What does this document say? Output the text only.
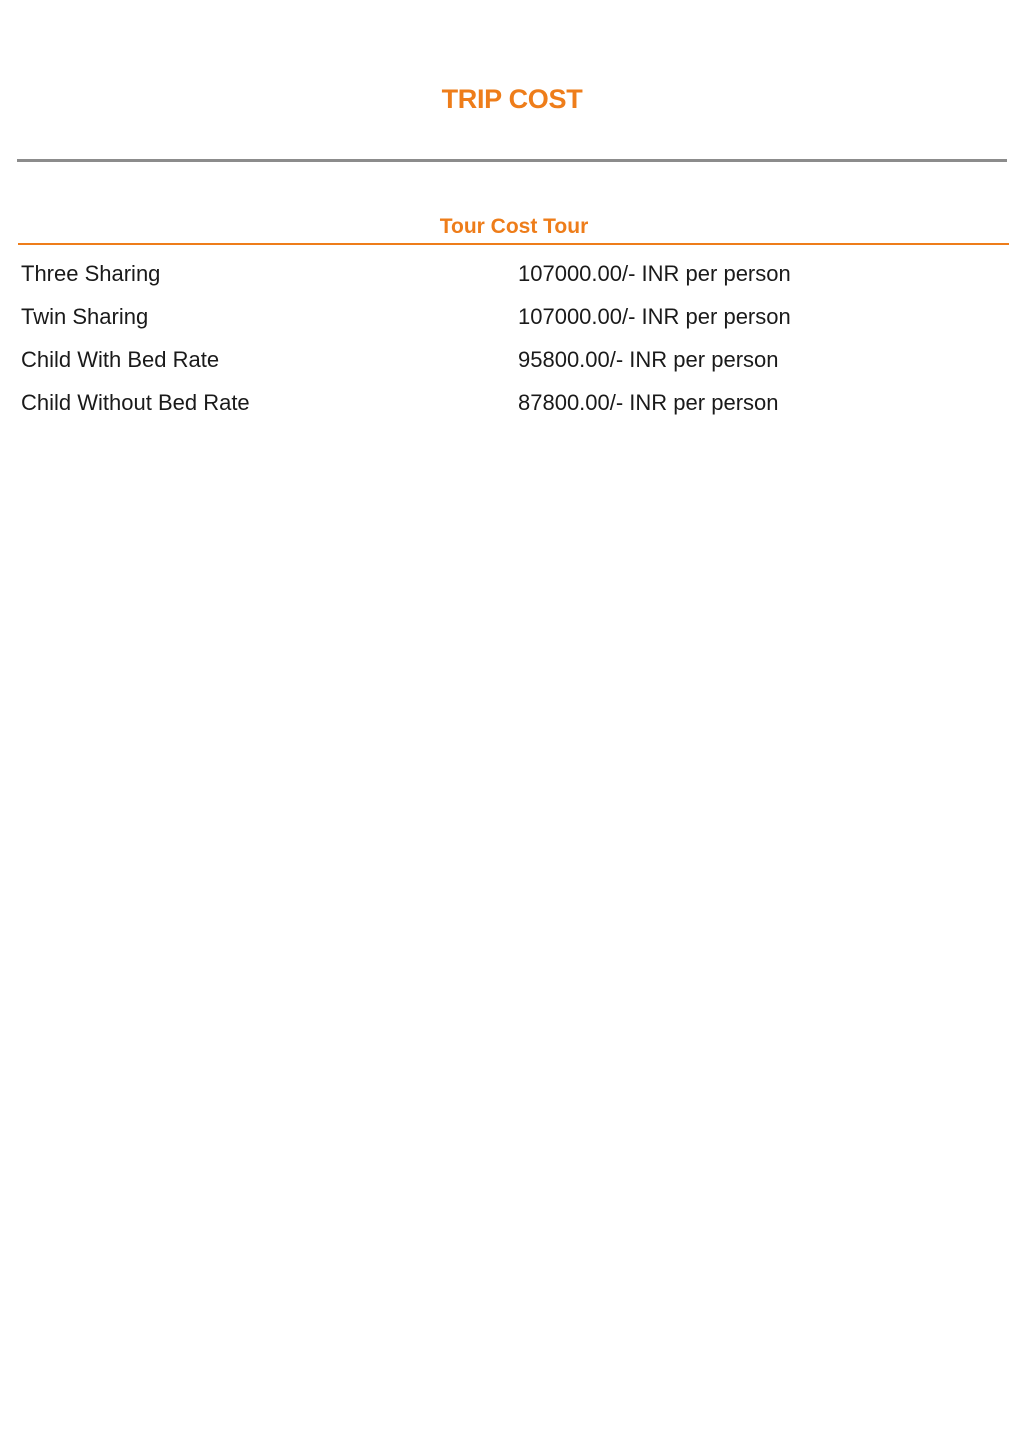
TRIP COST
Tour Cost Tour
Three Sharing	107000.00/- INR per person
Twin Sharing	107000.00/- INR per person
Child With Bed Rate	95800.00/- INR per person
Child Without Bed Rate	87800.00/- INR per person
